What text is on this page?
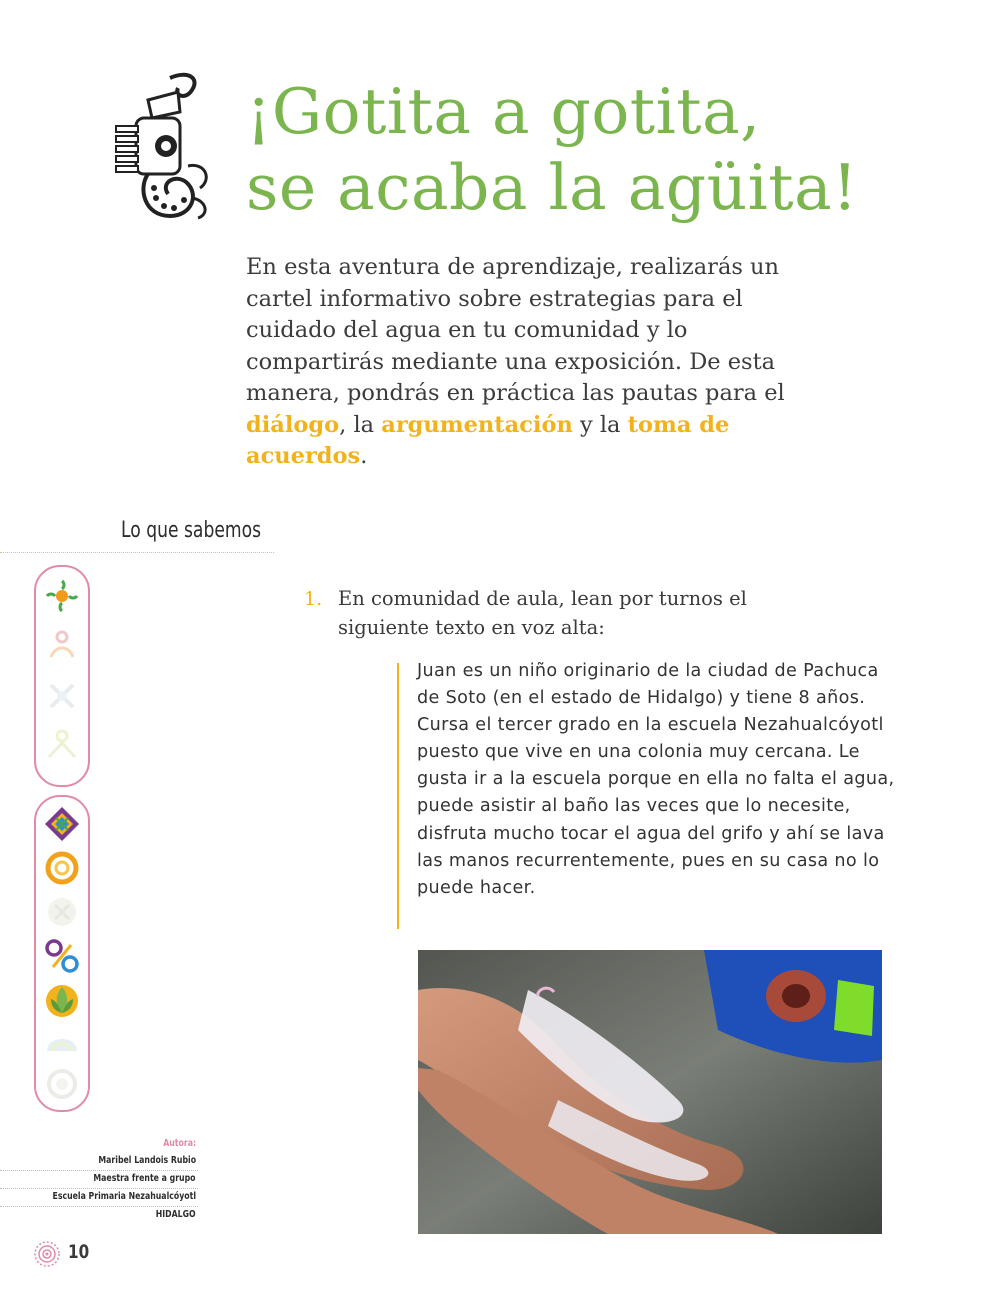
¡Gotita a gotita,
se acaba la agüita!

En esta aventura de aprendizaje, realizarás un cartel informativo sobre estrategias para el cuidado del agua en tu comunidad y lo compartirás mediante una exposición. De esta manera, pondrás en práctica las pautas para el diálogo, la argumentación y la toma de acuerdos.

Lo que sabemos
Autora:
Maribel Landois Rubio
Maestra frente a grupo
Escuela Primaria Nezahualcóyotl
HIDALGO
10
1. En comunidad de aula, lean por turnos el siguiente texto en voz alta:
Juan es un niño originario de la ciudad de Pachuca de Soto (en el estado de Hidalgo) y tiene 8 años. Cursa el tercer grado en la escuela Nezahualcóyotl puesto que vive en una colonia muy cercana. Le gusta ir a la escuela porque en ella no falta el agua, puede asistir al baño las veces que lo necesite, disfruta mucho tocar el agua del grifo y ahí se lava las manos recurrentemente, pues en su casa no lo puede hacer.
